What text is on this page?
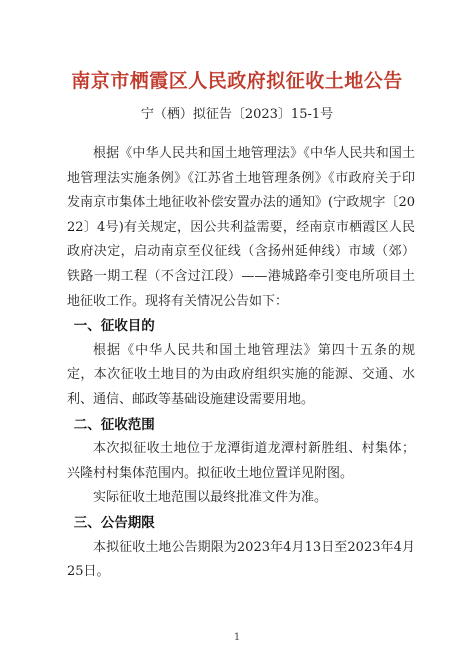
南京市栖霞区人民政府拟征收土地公告
宁（栖）拟征告〔2023〕15-1号

根据《中华人民共和国土地管理法》《中华人民共和国土地管理法实施条例》《江苏省土地管理条例》《市政府关于印发南京市集体土地征收补偿安置办法的通知》(宁政规字〔2022〕4号)有关规定，因公共利益需要，经南京市栖霞区人民政府决定，启动南京至仪征线（含扬州延伸线）市域（郊）铁路一期工程（不含过江段）——港城路牵引变电所项目土地征收工作。现将有关情况公告如下：

一、征收目的

根据《中华人民共和国土地管理法》第四十五条的规定，本次征收土地目的为由政府组织实施的能源、交通、水利、通信、邮政等基础设施建设需要用地。

二、征收范围

本次拟征收土地位于龙潭街道龙潭村新胜组、村集体；兴隆村村集体范围内。拟征收土地位置详见附图。

实际征收土地范围以最终批准文件为准。

三、公告期限

本拟征收土地公告期限为2023年4月13日至2023年4月25日。

1
